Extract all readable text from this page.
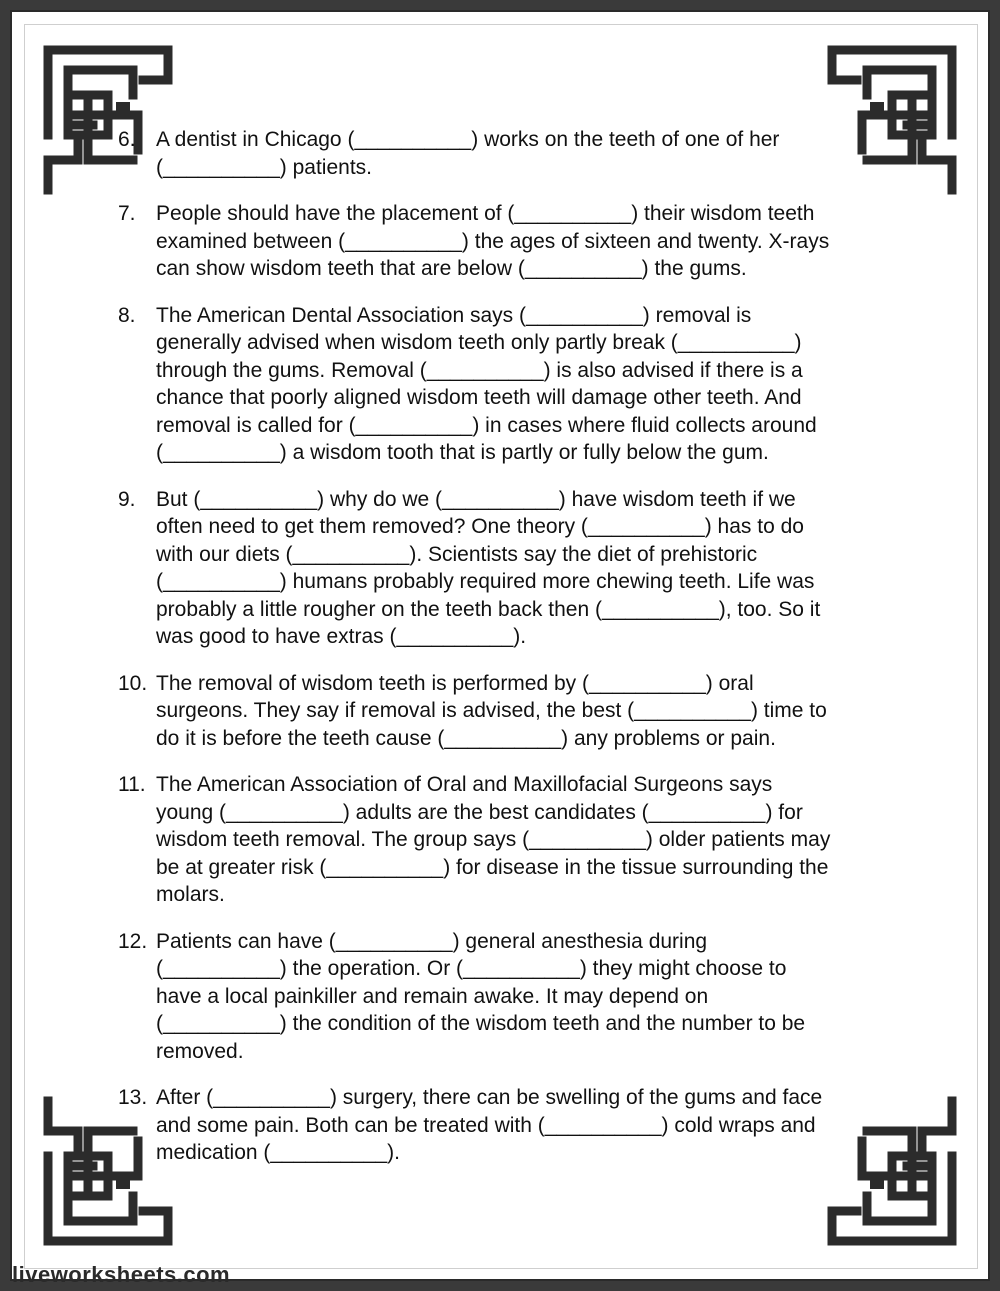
6. A dentist in Chicago (__________) works on the teeth of one of her
(__________) patients.
7. People should have the placement of (__________) their wisdom teeth
examined between (__________) the ages of sixteen and twenty. X-rays
can show wisdom teeth that are below (__________) the gums.
8. The American Dental Association says (__________) removal is
generally advised when wisdom teeth only partly break (__________)
through the gums. Removal (__________) is also advised if there is a
chance that poorly aligned wisdom teeth will damage other teeth. And
removal is called for (__________) in cases where fluid collects around
(__________) a wisdom tooth that is partly or fully below the gum.
9. But (__________) why do we (__________) have wisdom teeth if we
often need to get them removed? One theory (__________) has to do
with our diets (__________). Scientists say the diet of prehistoric
(__________) humans probably required more chewing teeth. Life was
probably a little rougher on the teeth back then (__________), too. So it
was good to have extras (__________).
10. The removal of wisdom teeth is performed by (__________) oral
surgeons. They say if removal is advised, the best (__________) time to
do it is before the teeth cause (__________) any problems or pain.
11. The American Association of Oral and Maxillofacial Surgeons says
young (__________) adults are the best candidates (__________) for
wisdom teeth removal. The group says (__________) older patients may
be at greater risk (__________) for disease in the tissue surrounding the
molars.
12. Patients can have (__________) general anesthesia during
(__________) the operation. Or (__________) they might choose to
have a local painkiller and remain awake. It may depend on
(__________) the condition of the wisdom teeth and the number to be
removed.
13. After (__________) surgery, there can be swelling of the gums and face
and some pain. Both can be treated with (__________) cold wraps and
medication (__________).
liveworksheets.com
